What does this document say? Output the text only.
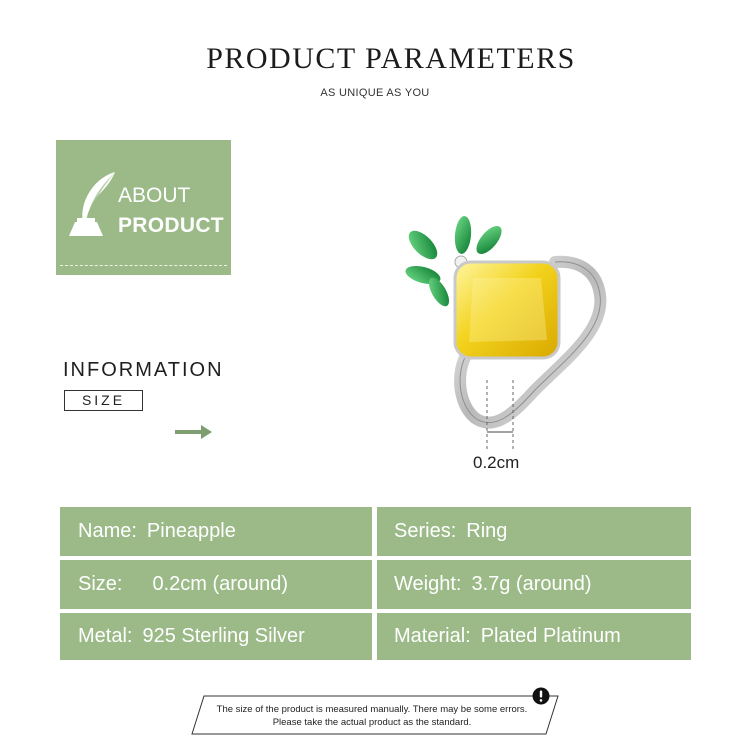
PRODUCT PARAMETERS
AS UNIQUE AS YOU
ABOUT
PRODUCT
INFORMATION
SIZE
0.2cm
Name: Pineapple	Series: Ring
Size: 0.2cm (around)	Weight: 3.7g (around)
Metal: 925 Sterling Silver	Material: Plated Platinum
The size of the product is measured manually. There may be some errors.
Please take the actual product as the standard.
